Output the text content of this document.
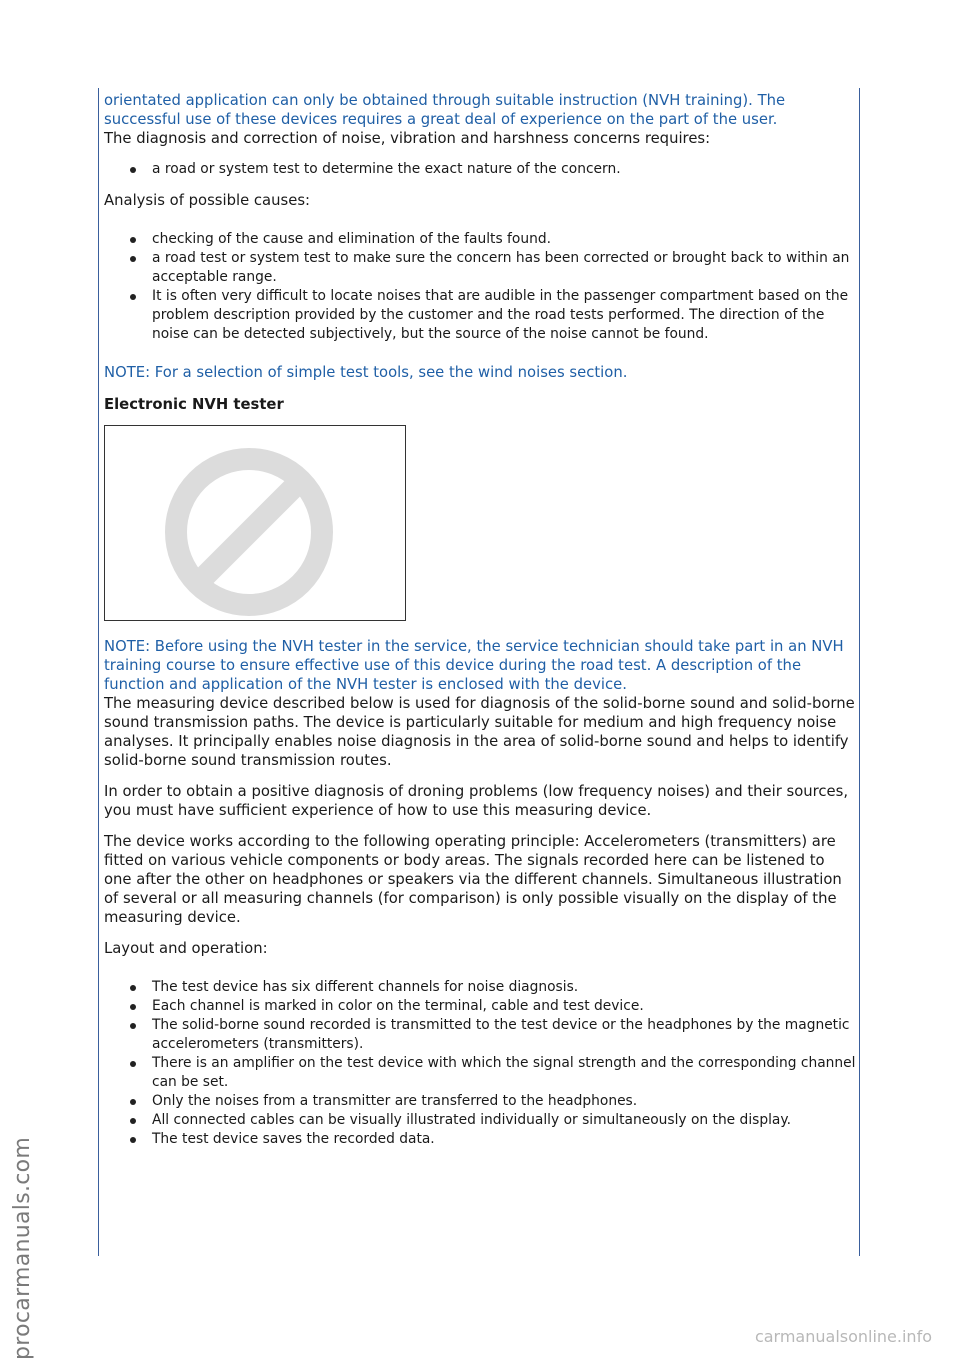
orientated application can only be obtained through suitable instruction (NVH training). The successful use of these devices requires a great deal of experience on the part of the user.

The diagnosis and correction of noise, vibration and harshness concerns requires:

a road or system test to determine the exact nature of the concern.

Analysis of possible causes:

checking of the cause and elimination of the faults found.
a road test or system test to make sure the concern has been corrected or brought back to within an acceptable range.
It is often very difficult to locate noises that are audible in the passenger compartment based on the problem description provided by the customer and the road tests performed. The direction of the noise can be detected subjectively, but the source of the noise cannot be found.

NOTE: For a selection of simple test tools, see the wind noises section.

Electronic NVH tester

NOTE: Before using the NVH tester in the service, the service technician should take part in an NVH training course to ensure effective use of this device during the road test. A description of the function and application of the NVH tester is enclosed with the device.

The measuring device described below is used for diagnosis of the solid-borne sound and solid-borne sound transmission paths. The device is particularly suitable for medium and high frequency noise analyses. It principally enables noise diagnosis in the area of solid-borne sound and helps to identify solid-borne sound transmission routes.

In order to obtain a positive diagnosis of droning problems (low frequency noises) and their sources, you must have sufficient experience of how to use this measuring device.

The device works according to the following operating principle: Accelerometers (transmitters) are fitted on various vehicle components or body areas. The signals recorded here can be listened to one after the other on headphones or speakers via the different channels. Simultaneous illustration of several or all measuring channels (for comparison) is only possible visually on the display of the measuring device.

Layout and operation:

The test device has six different channels for noise diagnosis.
Each channel is marked in color on the terminal, cable and test device.
The solid-borne sound recorded is transmitted to the test device or the headphones by the magnetic accelerometers (transmitters).
There is an amplifier on the test device with which the signal strength and the corresponding channel can be set.
Only the noises from a transmitter are transferred to the headphones.
All connected cables can be visually illustrated individually or simultaneously on the display.
The test device saves the recorded data.
procarmanuals.com	carmanualsonline.info
